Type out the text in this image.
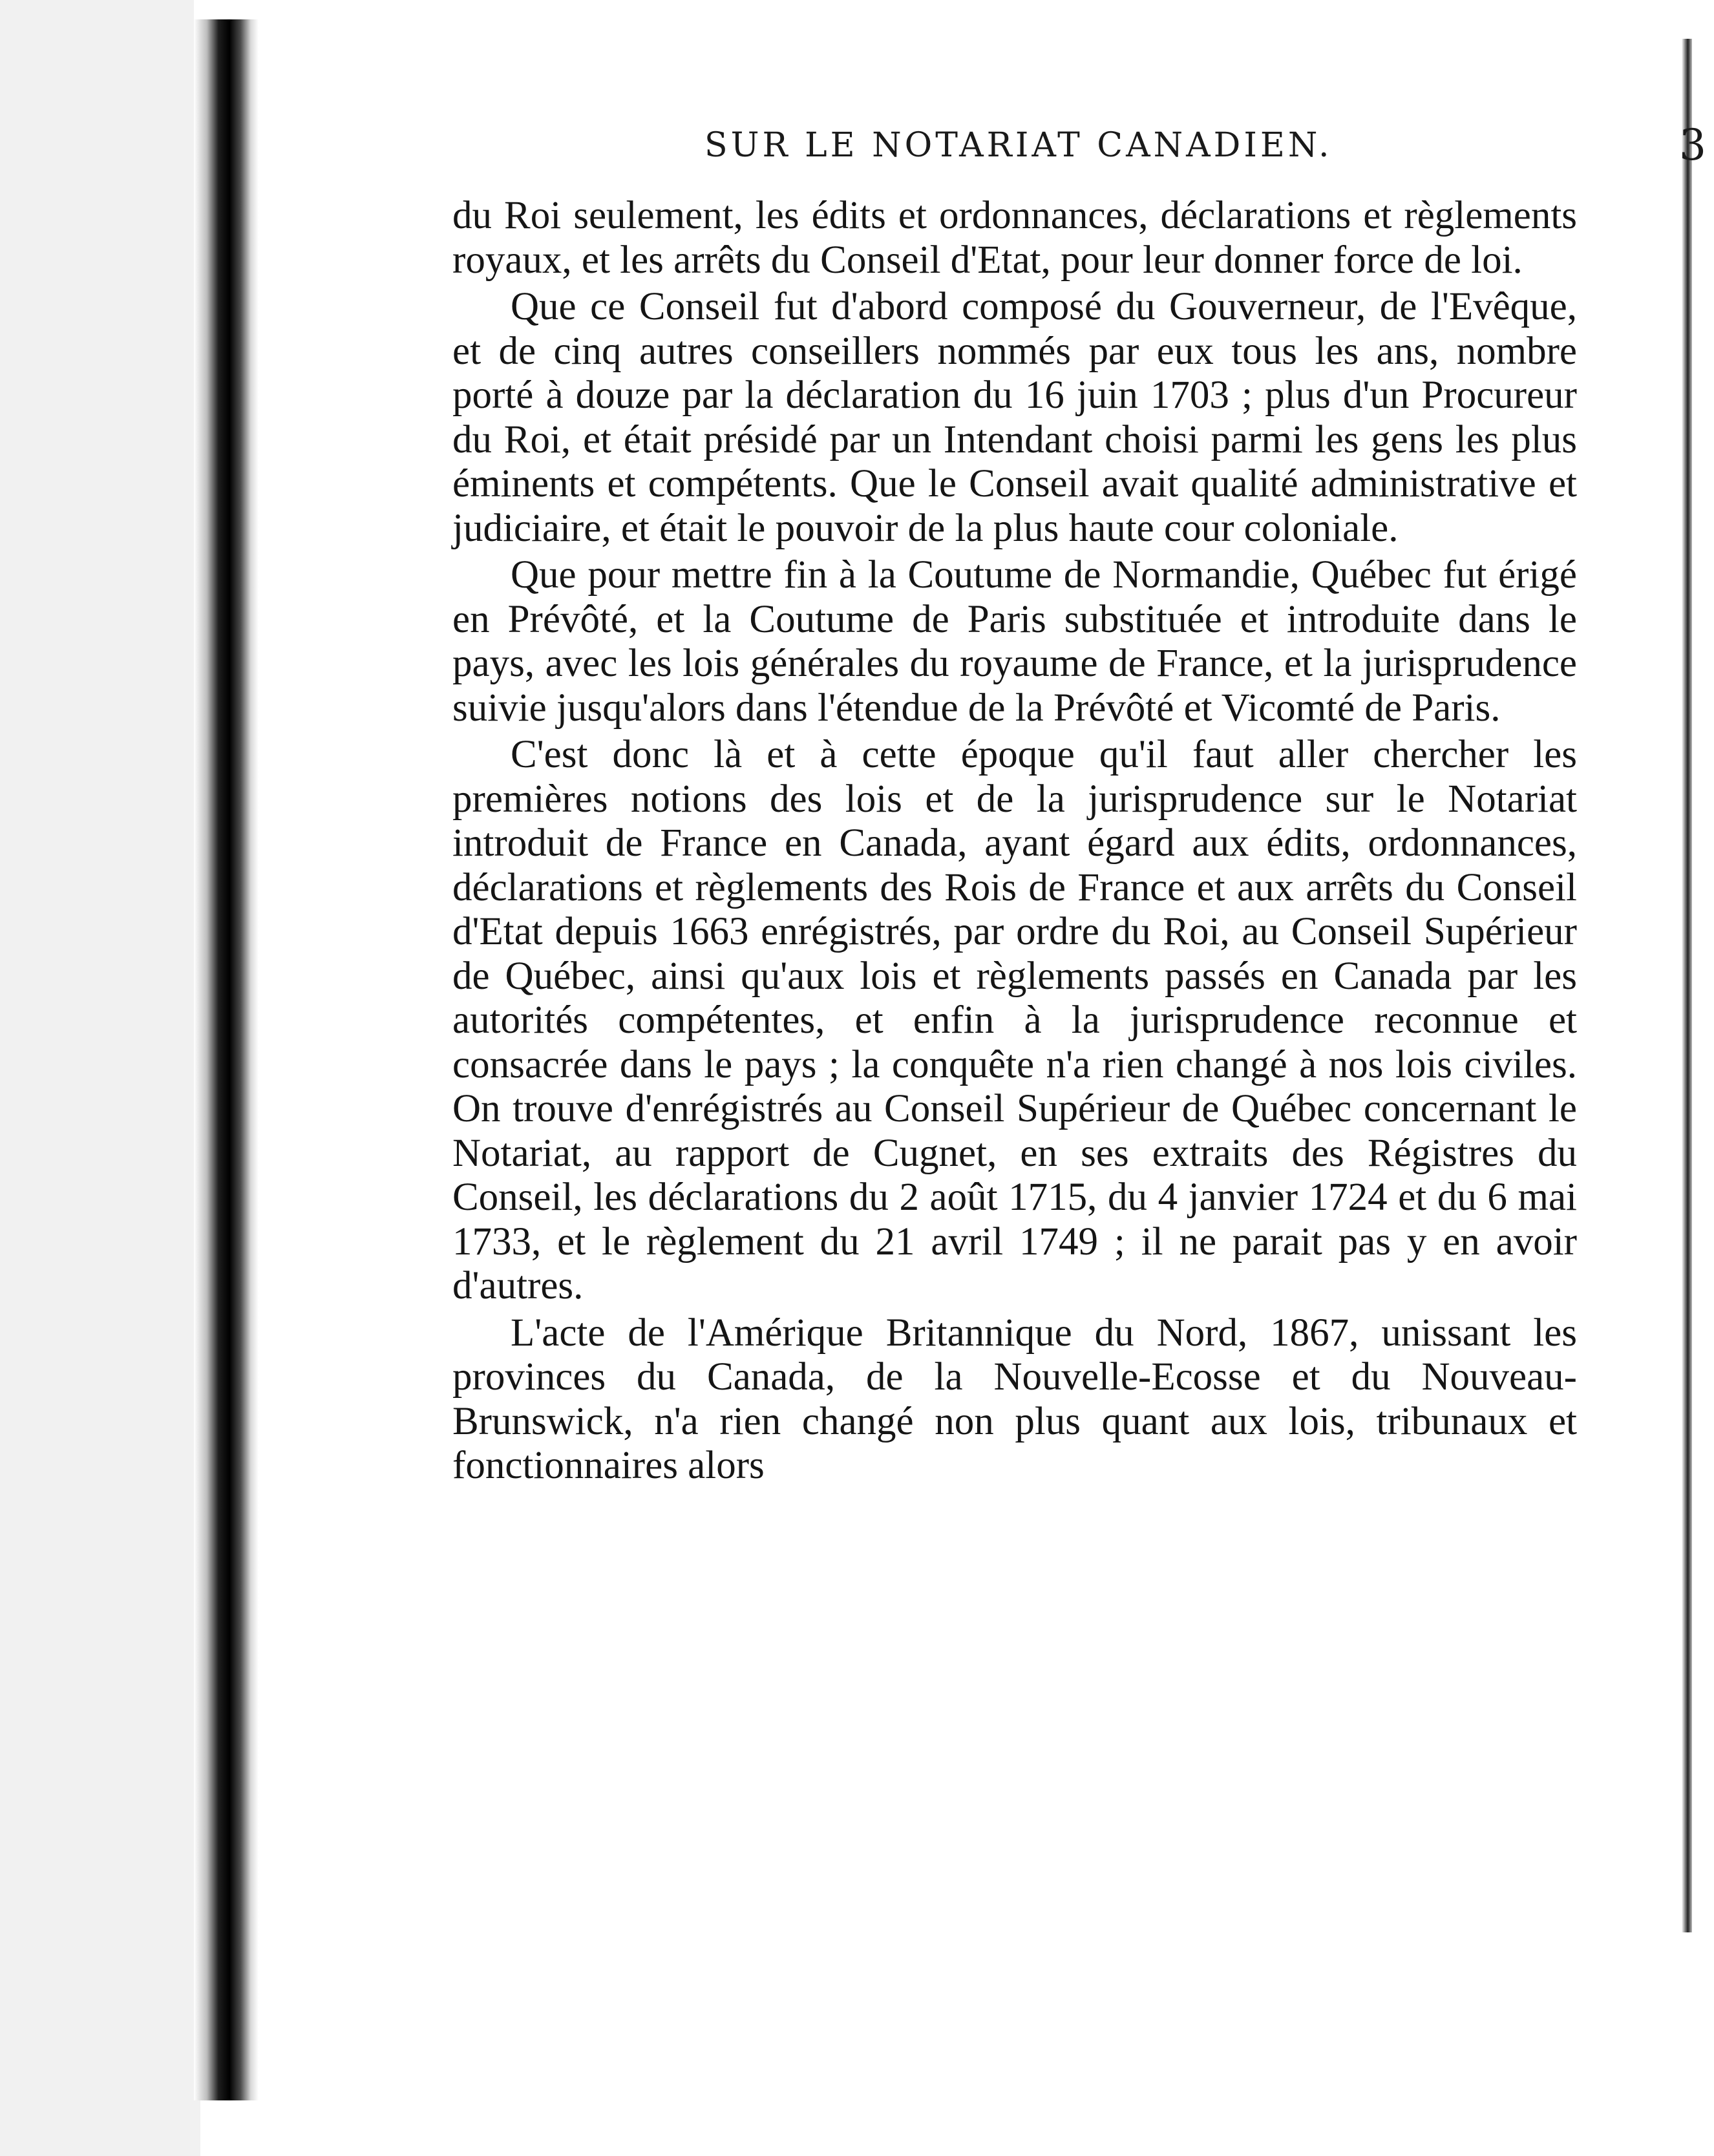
SUR LE NOTARIAT CANADIEN.	3

du Roi seulement, les édits et ordonnances, déclarations et règlements royaux, et les arrêts du Conseil d'Etat, pour leur donner force de loi.

Que ce Conseil fut d'abord composé du Gouverneur, de l'Evêque, et de cinq autres conseillers nommés par eux tous les ans, nombre porté à douze par la déclaration du 16 juin 1703 ; plus d'un Procureur du Roi, et était présidé par un Intendant choisi parmi les gens les plus éminents et compétents. Que le Conseil avait qualité administrative et judiciaire, et était le pouvoir de la plus haute cour coloniale.

Que pour mettre fin à la Coutume de Normandie, Québec fut érigé en Prévôté, et la Coutume de Paris substituée et introduite dans le pays, avec les lois générales du royaume de France, et la jurisprudence suivie jusqu'alors dans l'étendue de la Prévôté et Vicomté de Paris.

C'est donc là et à cette époque qu'il faut aller chercher les premières notions des lois et de la jurisprudence sur le Notariat introduit de France en Canada, ayant égard aux édits, ordonnances, déclarations et règlements des Rois de France et aux arrêts du Conseil d'Etat depuis 1663 enrégistrés, par ordre du Roi, au Conseil Supérieur de Québec, ainsi qu'aux lois et règlements passés en Canada par les autorités compétentes, et enfin à la jurisprudence reconnue et consacrée dans le pays ; la conquête n'a rien changé à nos lois civiles. On trouve d'enrégistrés au Conseil Supérieur de Québec concernant le Notariat, au rapport de Cugnet, en ses extraits des Régistres du Conseil, les déclarations du 2 août 1715, du 4 janvier 1724 et du 6 mai 1733, et le règlement du 21 avril 1749 ; il ne parait pas y en avoir d'autres.

L'acte de l'Amérique Britannique du Nord, 1867, unissant les provinces du Canada, de la Nouvelle-Ecosse et du Nouveau-Brunswick, n'a rien changé non plus quant aux lois, tribunaux et fonctionnaires alors
